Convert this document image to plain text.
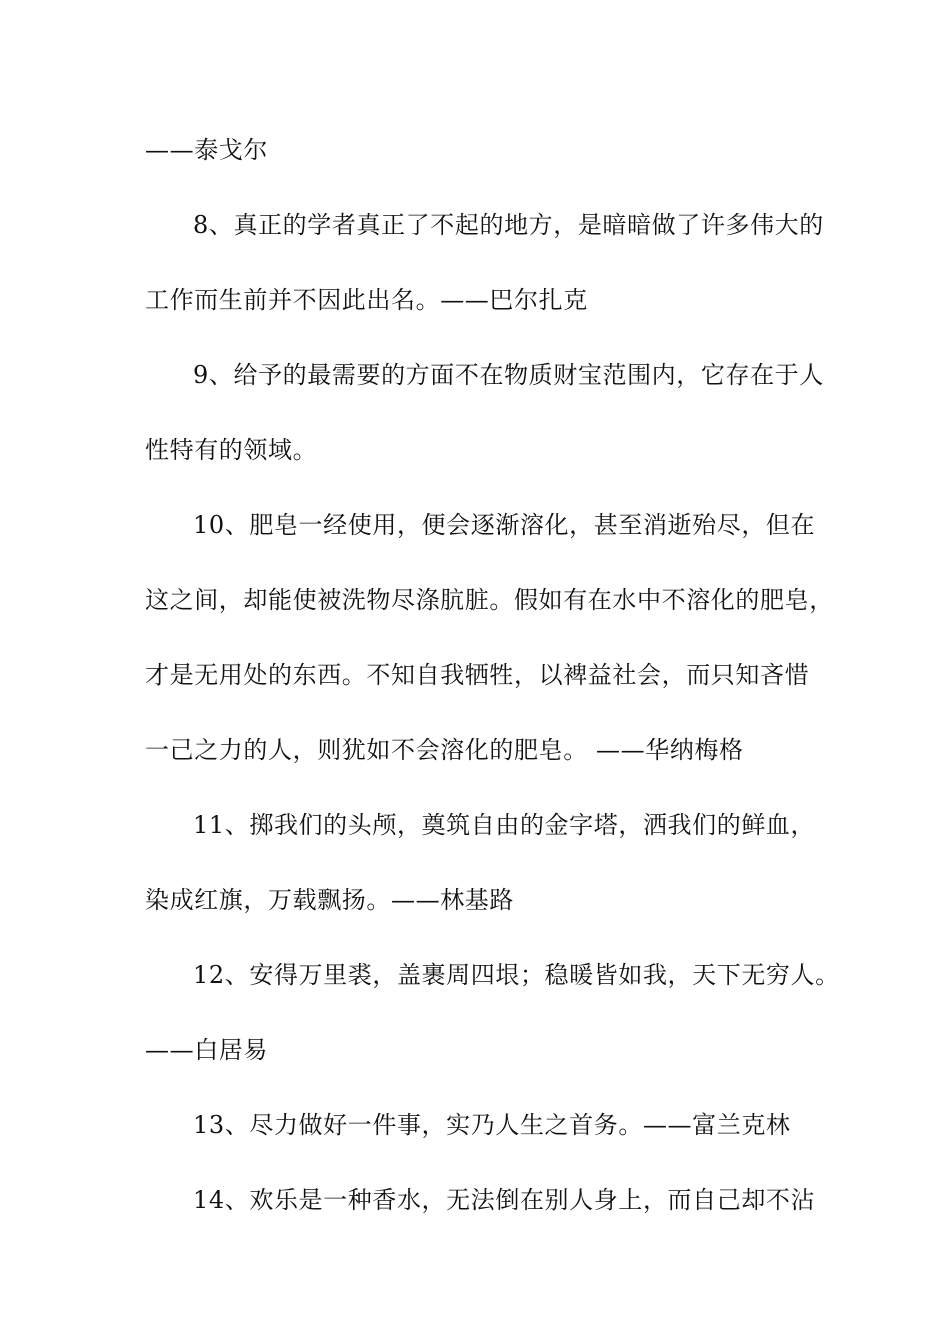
——泰戈尔
8、真正的学者真正了不起的地方，是暗暗做了许多伟大的
工作而生前并不因此出名。——巴尔扎克
9、给予的最需要的方面不在物质财宝范围内，它存在于人
性特有的领域。
10、肥皂一经使用，便会逐渐溶化，甚至消逝殆尽，但在
这之间，却能使被洗物尽涤肮脏。假如有在水中不溶化的肥皂，
才是无用处的东西。不知自我牺牲，以裨益社会，而只知吝惜
一己之力的人，则犹如不会溶化的肥皂。 ——华纳梅格
11、掷我们的头颅，奠筑自由的金字塔，洒我们的鲜血，
染成红旗，万载飘扬。——林基路
12、安得万里裘，盖裹周四垠；稳暖皆如我，天下无穷人。
——白居易
13、尽力做好一件事，实乃人生之首务。——富兰克林
14、欢乐是一种香水，无法倒在别人身上，而自己却不沾
